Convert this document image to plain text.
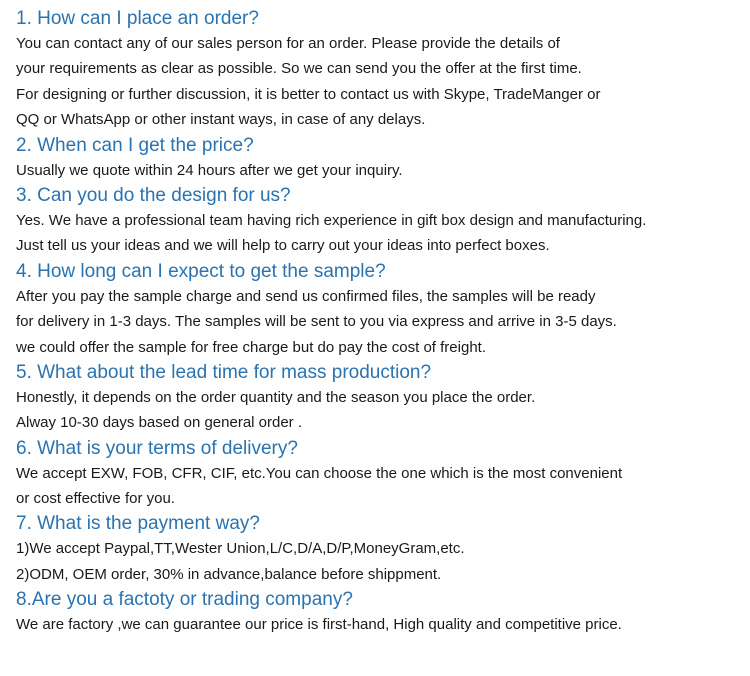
1. How can I place an order?

You can contact any of our sales person for an order. Please provide the details of

your requirements as clear as possible. So we can send you the offer at the first time.

For designing or further discussion, it is better to contact us with Skype, TradeManger or

QQ or WhatsApp or other instant ways, in case of any delays.

2. When can I get the price?

Usually we quote within 24 hours after we get your inquiry.

3. Can you do the design for us?

Yes. We have a professional team having rich experience in gift box design and manufacturing.

Just tell us your ideas and we will help to carry out your ideas into perfect boxes.

4. How long can I expect to get the sample?

After you pay the sample charge and send us confirmed files, the samples will be ready

for delivery in 1-3 days. The samples will be sent to you via express and arrive in 3-5 days.

we could offer the sample for free charge but do pay the cost of freight.

5. What about the lead time for mass production?

Honestly, it depends on the order quantity and the season you place the order.

Alway 10-30 days based on general order .

6. What is your terms of delivery?

We accept EXW, FOB, CFR, CIF, etc.You can choose the one which is the most convenient

or cost effective for you.

7. What is the payment way?

1)We accept Paypal,TT,Wester Union,L/C,D/A,D/P,MoneyGram,etc.

2)ODM, OEM order, 30% in advance,balance before shippment.

8.Are you a factoty or trading company?

We are factory ,we can guarantee our price is first-hand, High quality and competitive price.
